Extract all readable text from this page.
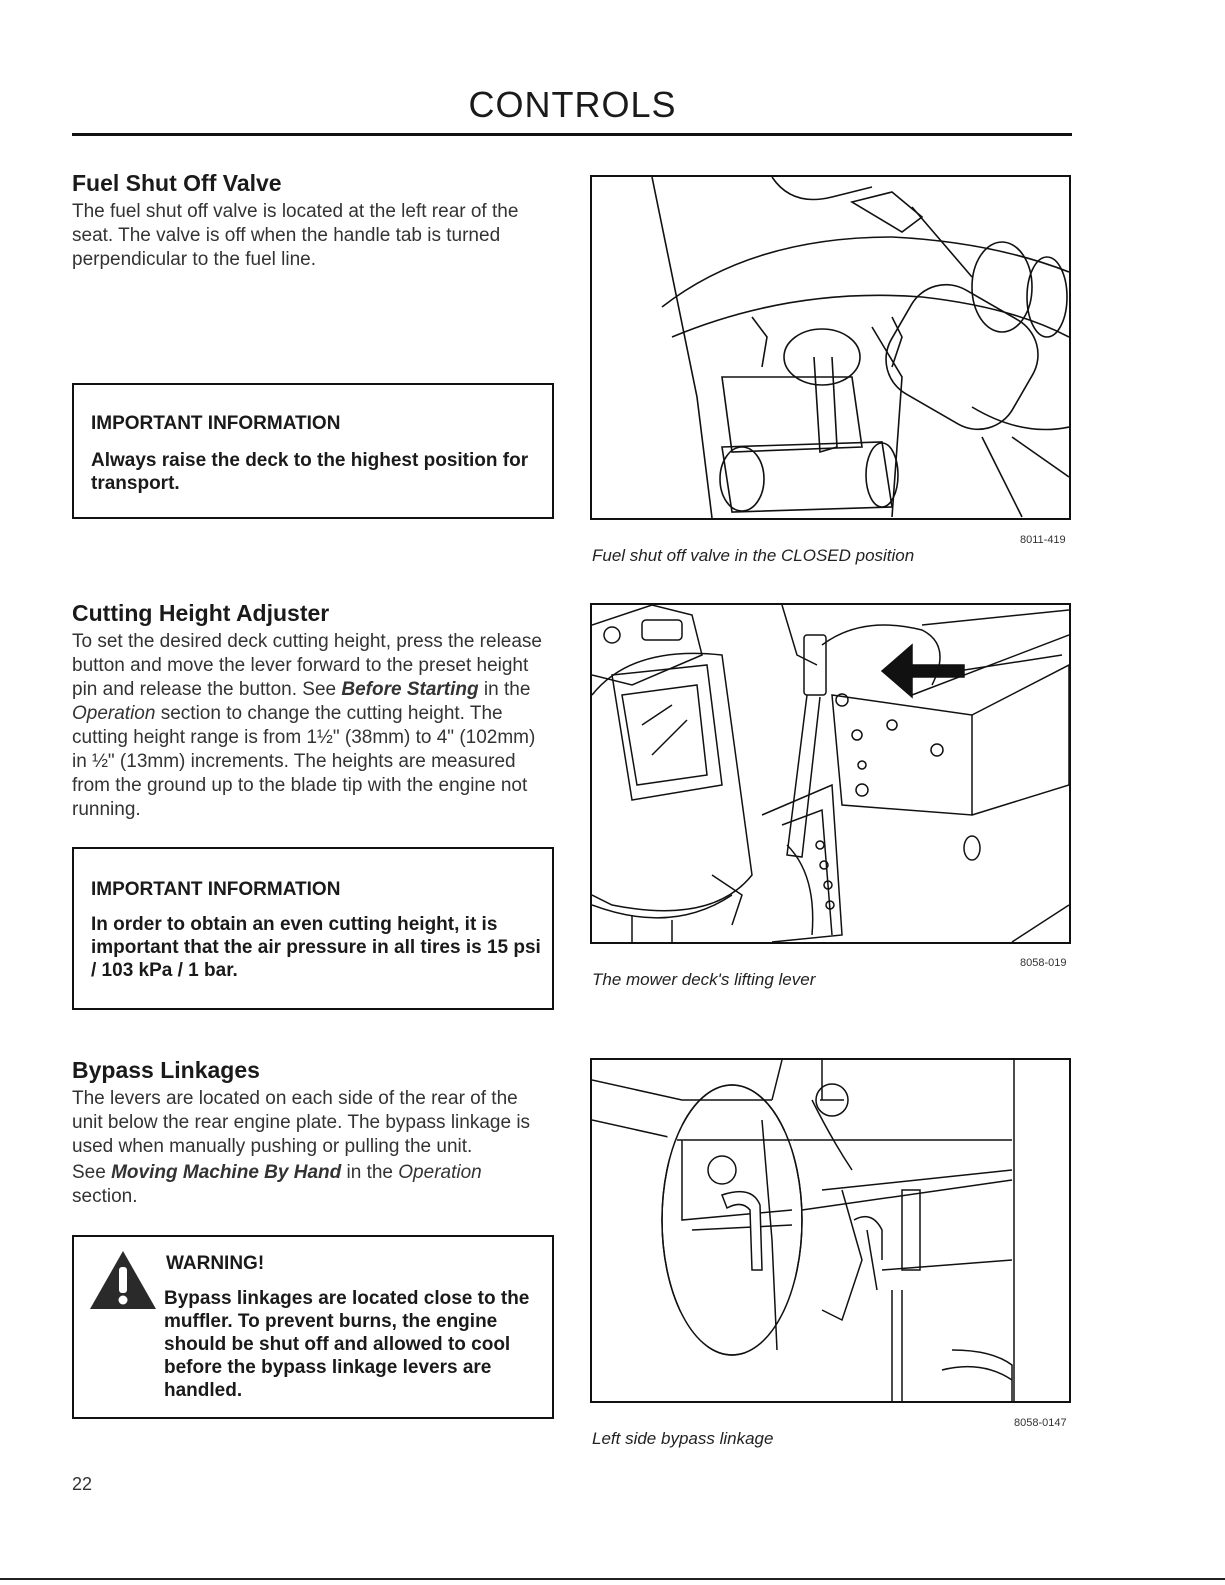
CONTROLS
Fuel Shut Off Valve
The fuel shut off valve is located at the left rear of the seat. The valve is off when the handle tab is turned perpendicular to the fuel line.
IMPORTANT INFORMATION
Always raise the deck to the highest position for transport.
8011-419
Fuel shut off valve in the CLOSED position
Cutting Height Adjuster
To set the desired deck cutting height, press the release button and move the lever forward to the preset height pin and release the button. See Before Starting in the Operation section to change the cutting height. The cutting height range is from 1½" (38mm) to 4" (102mm) in ½" (13mm) increments. The heights are measured from the ground up to the blade tip with the engine not running.
IMPORTANT INFORMATION
In order to obtain an even cutting height, it is important that the air pressure in all tires is 15 psi / 103 kPa / 1 bar.	8058-019
The mower deck's lifting lever
Bypass Linkages
The levers are located on each side of the rear of the unit below the rear engine plate. The bypass linkage is used when manually pushing or pulling the unit.
See Moving Machine By Hand in the Operation section.
WARNING!
Bypass linkages are located close to the muffler. To prevent burns, the engine should be shut off and allowed to cool before the bypass linkage levers are handled.
8058-0147
Left side bypass linkage
22
